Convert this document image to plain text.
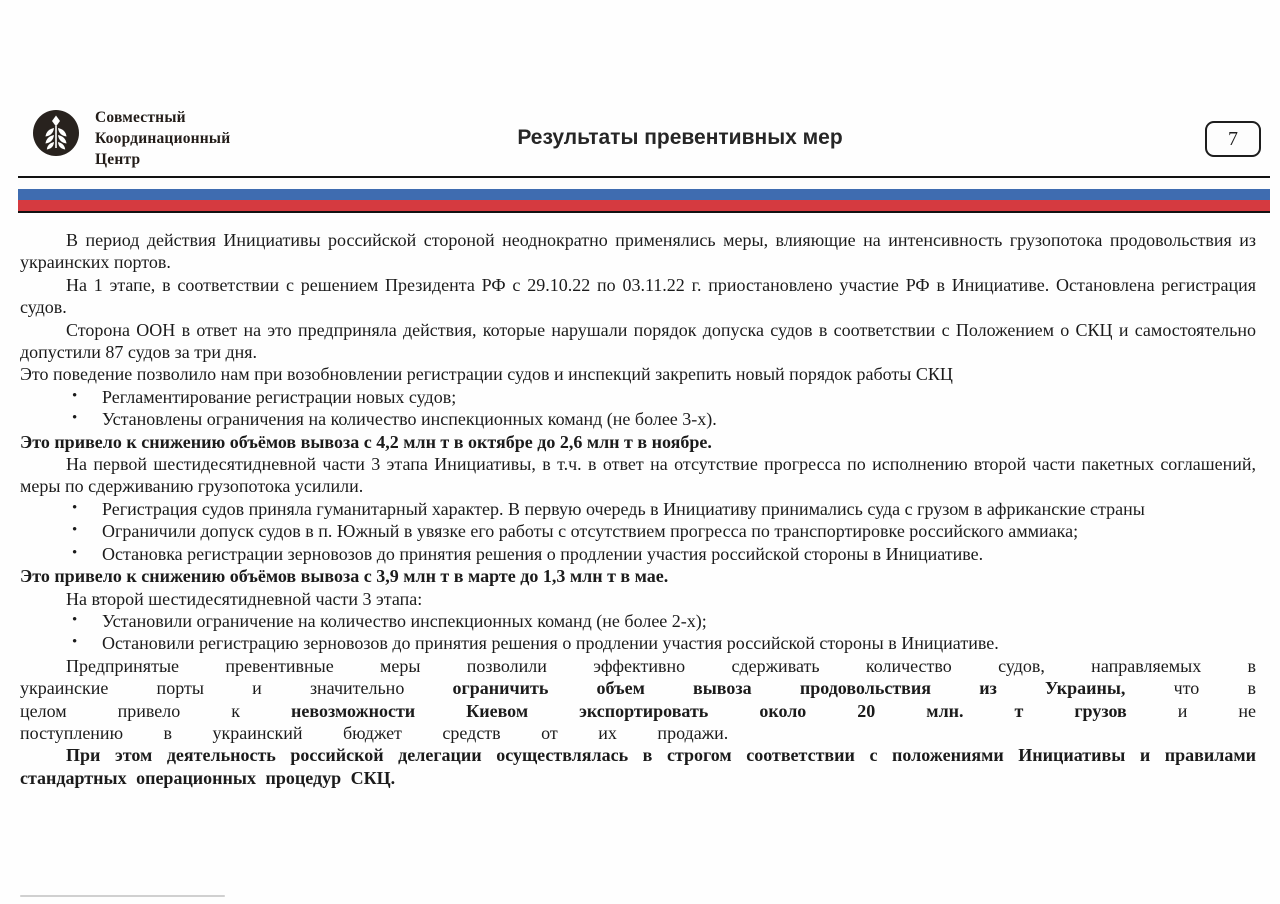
Совместный
Координационный
Центр
Результаты превентивных мер	7
В период действия Инициативы российской стороной неоднократно применялись меры, влияющие на интенсивность грузопотока продовольствия из украинских портов.
На 1 этапе, в соответствии с решением Президента РФ с 29.10.22 по 03.11.22 г. приостановлено участие РФ в Инициативе. Остановлена регистрация судов.
Сторона ООН в ответ на это предприняла действия, которые нарушали порядок допуска судов в соответствии с Положением о СКЦ и самостоятельно допустили 87 судов за три дня.
Это поведение позволило нам при возобновлении регистрации судов и инспекций закрепить новый порядок работы СКЦ
• Регламентирование регистрации новых судов;
• Установлены ограничения на количество инспекционных команд (не более 3-х).
Это привело к снижению объёмов вывоза с 4,2 млн т в октябре до 2,6 млн т в ноябре.
На первой шестидесятидневной части 3 этапа Инициативы, в т.ч. в ответ на отсутствие прогресса по исполнению второй части пакетных соглашений, меры по сдерживанию грузопотока усилили.
• Регистрация судов приняла гуманитарный характер. В первую очередь в Инициативу принимались суда с грузом в африканские страны
• Ограничили допуск судов в п. Южный в увязке его работы с отсутствием прогресса по транспортировке российского аммиака;
• Остановка регистрации зерновозов до принятия решения о продлении участия российской стороны в Инициативе.
Это привело к снижению объёмов вывоза с 3,9 млн т в марте до 1,3 млн т в мае.
На второй шестидесятидневной части 3 этапа:
• Установили ограничение на количество инспекционных команд (не более 2-х);
• Остановили регистрацию зерновозов до принятия решения о продлении участия российской стороны в Инициативе.
Предпринятые превентивные меры позволили эффективно сдерживать количество судов, направляемых в украинские порты и значительно ограничить объем вывоза продовольствия из Украины, что в целом привело к невозможности Киевом экспортировать около 20 млн. т грузов и не поступлению в украинский бюджет средств от их продажи.
При этом деятельность российской делегации осуществлялась в строгом соответствии с положениями Инициативы и правилами стандартных операционных процедур СКЦ.
